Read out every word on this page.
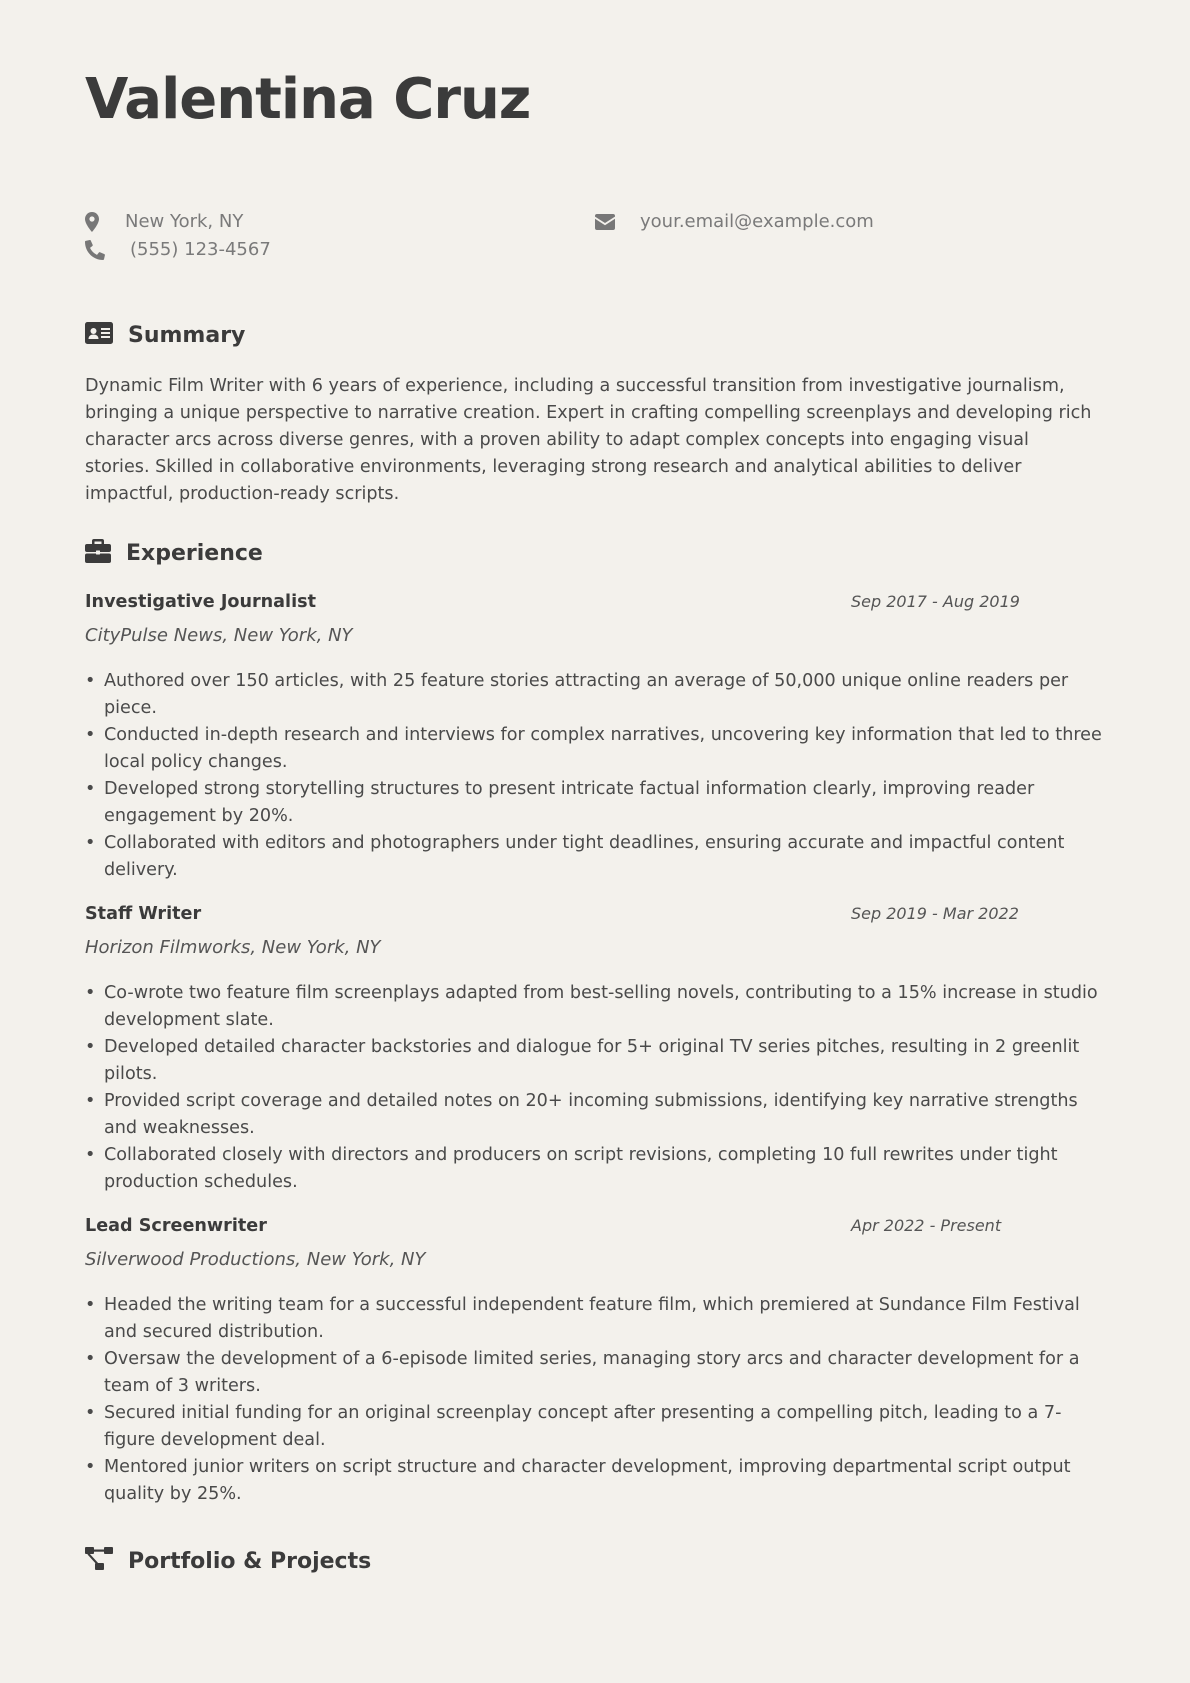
Valentina Cruz
New York, NY
(555) 123-4567
your.email@example.com
Summary

Dynamic Film Writer with 6 years of experience, including a successful transition from investigative journalism, bringing a unique perspective to narrative creation. Expert in crafting compelling screenplays and developing rich character arcs across diverse genres, with a proven ability to adapt complex concepts into engaging visual stories. Skilled in collaborative environments, leveraging strong research and analytical abilities to deliver impactful, production-ready scripts.

Experience
Investigative Journalist	Sep 2017 - Aug 2019
CityPulse News, New York, NY
• Authored over 150 articles, with 25 feature stories attracting an average of 50,000 unique online readers per piece.
• Conducted in-depth research and interviews for complex narratives, uncovering key information that led to three local policy changes.
• Developed strong storytelling structures to present intricate factual information clearly, improving reader engagement by 20%.
• Collaborated with editors and photographers under tight deadlines, ensuring accurate and impactful content delivery.
Staff Writer	Sep 2019 - Mar 2022
Horizon Filmworks, New York, NY
• Co-wrote two feature film screenplays adapted from best-selling novels, contributing to a 15% increase in studio development slate.
• Developed detailed character backstories and dialogue for 5+ original TV series pitches, resulting in 2 greenlit pilots.
• Provided script coverage and detailed notes on 20+ incoming submissions, identifying key narrative strengths and weaknesses.
• Collaborated closely with directors and producers on script revisions, completing 10 full rewrites under tight production schedules.
Lead Screenwriter	Apr 2022 - Present
Silverwood Productions, New York, NY
• Headed the writing team for a successful independent feature film, which premiered at Sundance Film Festival and secured distribution.
• Oversaw the development of a 6-episode limited series, managing story arcs and character development for a team of 3 writers.
• Secured initial funding for an original screenplay concept after presenting a compelling pitch, leading to a 7-figure development deal.
• Mentored junior writers on script structure and character development, improving departmental script output quality by 25%.
Portfolio & Projects
